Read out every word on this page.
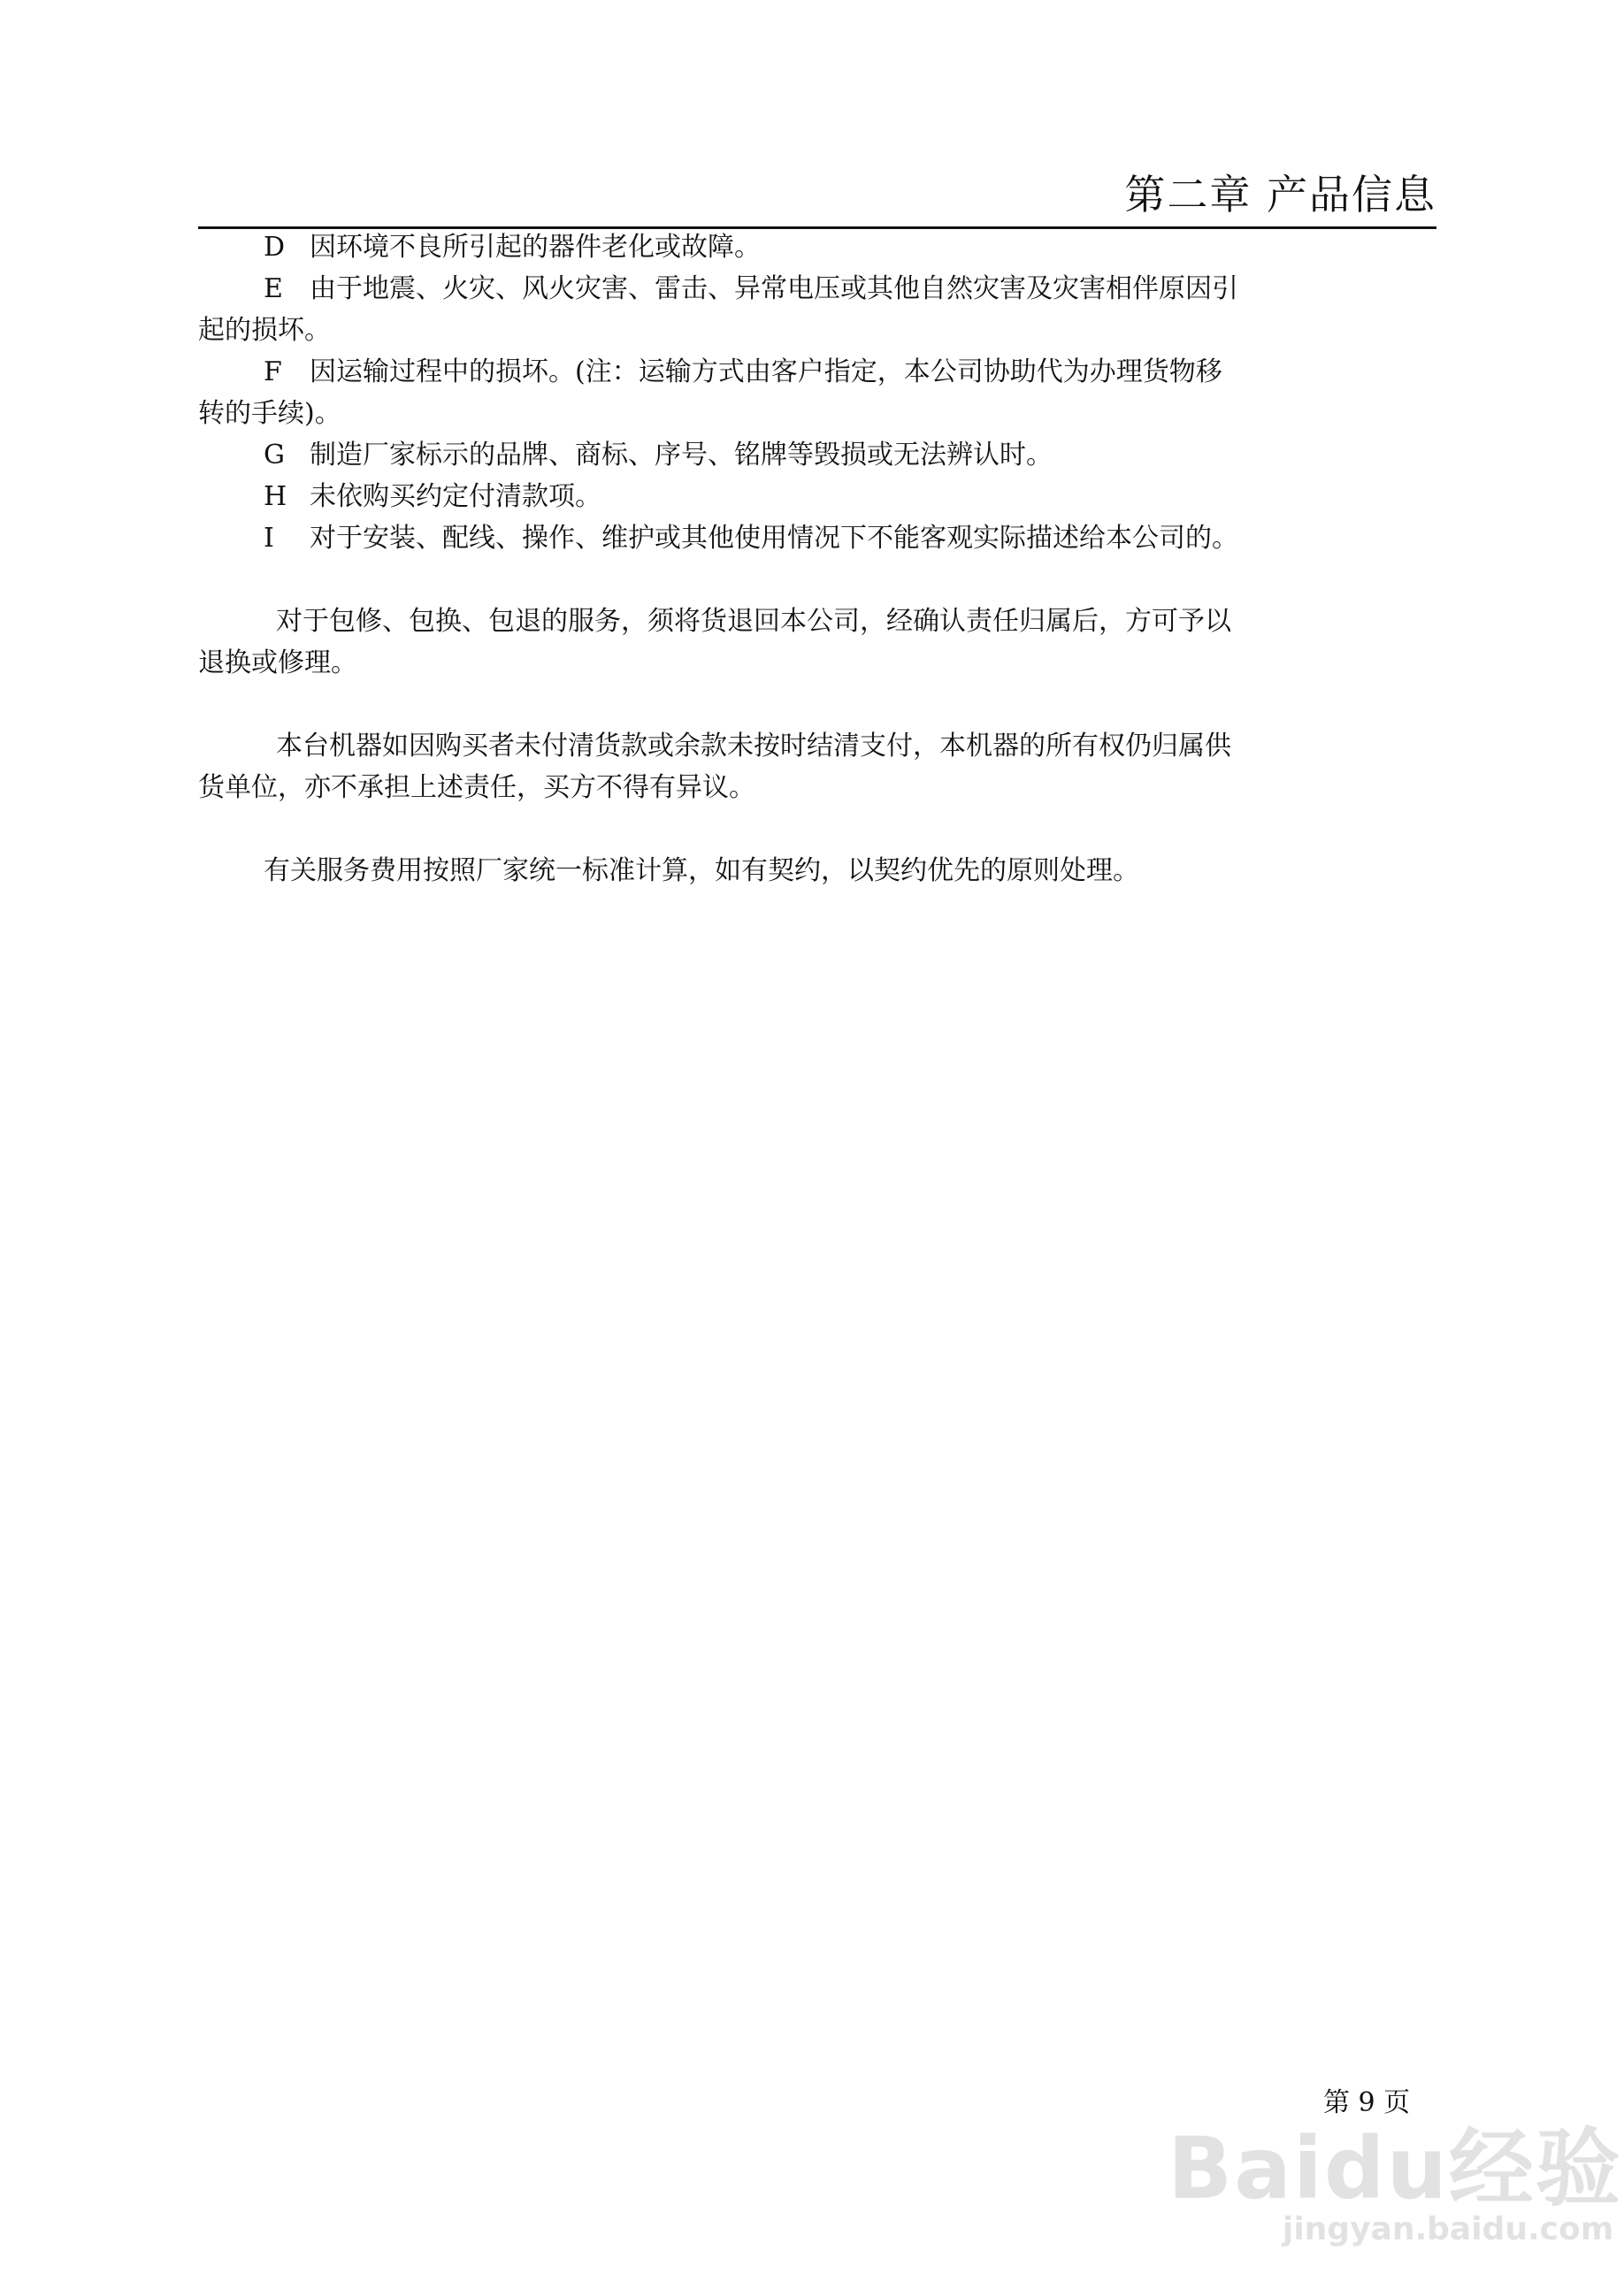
第二章 产品信息
D 因环境不良所引起的器件老化或故障。
E 由于地震、火灾、风火灾害、雷击、异常电压或其他自然灾害及灾害相伴原因引
起的损坏。
F 因运输过程中的损坏。(注：运输方式由客户指定，本公司协助代为办理货物移
转的手续)。
G 制造厂家标示的品牌、商标、序号、铭牌等毁损或无法辨认时。
H 未依购买约定付清款项。
I 对于安装、配线、操作、维护或其他使用情况下不能客观实际描述给本公司的。
对于包修、包换、包退的服务，须将货退回本公司，经确认责任归属后，方可予以
退换或修理。
本台机器如因购买者未付清货款或余款未按时结清支付，本机器的所有权仍归属供
货单位，亦不承担上述责任，买方不得有异议。
有关服务费用按照厂家统一标准计算，如有契约，以契约优先的原则处理。
第 9 页
Baidu经验
jingyan.baidu.com
